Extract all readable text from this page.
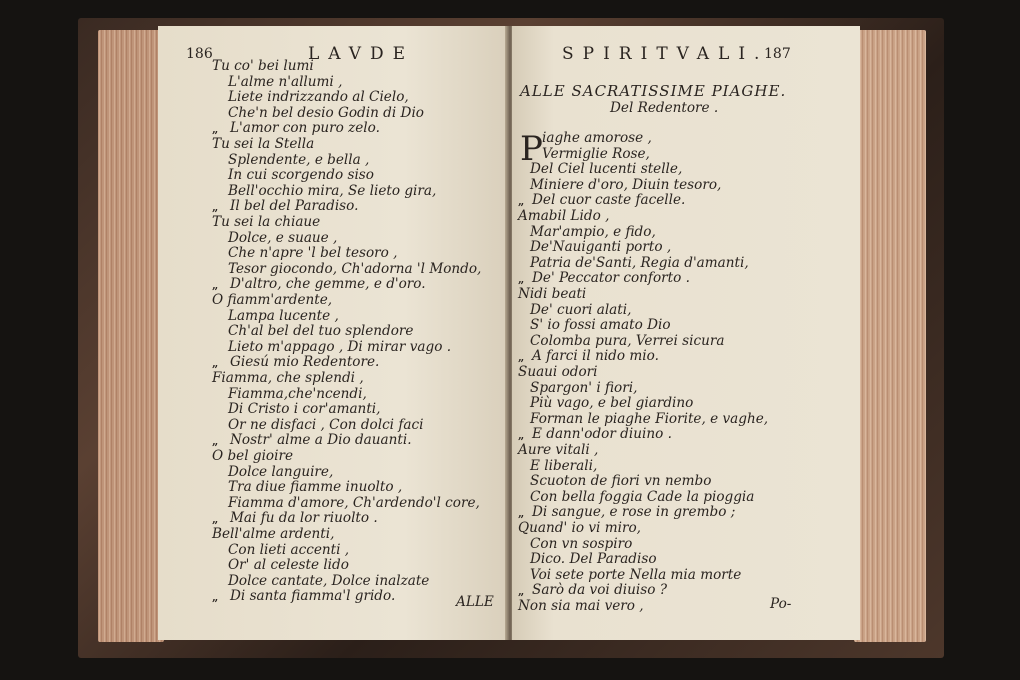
186	LAVDE
Tu co' bei lumi
L'alme n'allumi ,
Liete indrizzando al Cielo,
Che'n bel desio Godin di Dio
„ L'amor con puro zelo.
Tu sei la Stella
Splendente, e bella ,
In cui scorgendo siso
Bell'occhio mira, Se lieto gira,
„ Il bel del Paradiso.
Tu sei la chiaue
Dolce, e suaue ,
Che n'apre 'l bel tesoro ,
Tesor giocondo, Ch'adorna 'l Mondo,
„ D'altro, che gemme, e d'oro.
O fiamm'ardente,
Lampa lucente ,
Ch'al bel del tuo splendore
Lieto m'appago , Di mirar vago .
„ Giesú mio Redentore.
Fiamma, che splendi ,
Fiamma,che'ncendi,
Di Cristo i cor'amanti,
Or ne disfaci , Con dolci faci
„ Nostr' alme a Dio dauanti.
O bel gioire
Dolce languire,
Tra diue fiamme inuolto ,
Fiamma d'amore, Ch'ardendo'l core,
„ Mai fu da lor riuolto .
Bell'alme ardenti,
Con lieti accenti ,
Or' al celeste lido
Dolce cantate, Dolce inalzate
„ Di santa fiamma'l grido.	ALLE
SPIRITVALI.
187
ALLE SACRATISSIME PIAGHE.
Del Redentore .
P iaghe amorose ,
Vermiglie Rose,
Del Ciel lucenti stelle,
Miniere d'oro, Diuin tesoro,
„ Del cuor caste facelle.
Amabil Lido ,
Mar'ampio, e fido,
De'Nauiganti porto ,
Patria de'Santi, Regia d'amanti,
„ De' Peccator conforto .
Nidi beati
De' cuori alati,
S' io fossi amato Dio
Colomba pura, Verrei sicura
„ A farci il nido mio.
Suaui odori
Spargon' i fiori,
Più vago, e bel giardino
Forman le piaghe Fiorite, e vaghe,
„ E dann'odor diuino .
Aure vitali ,
E liberali,
Scuoton de fiori vn nembo
Con bella foggia Cade la pioggia
„ Di sangue, e rose in grembo ;
Quand' io vi miro,
Con vn sospiro
Dico. Del Paradiso
Voi sete porte Nella mia morte
„ Sarò da voi diuiso ?
Non sia mai vero ,	Po-
